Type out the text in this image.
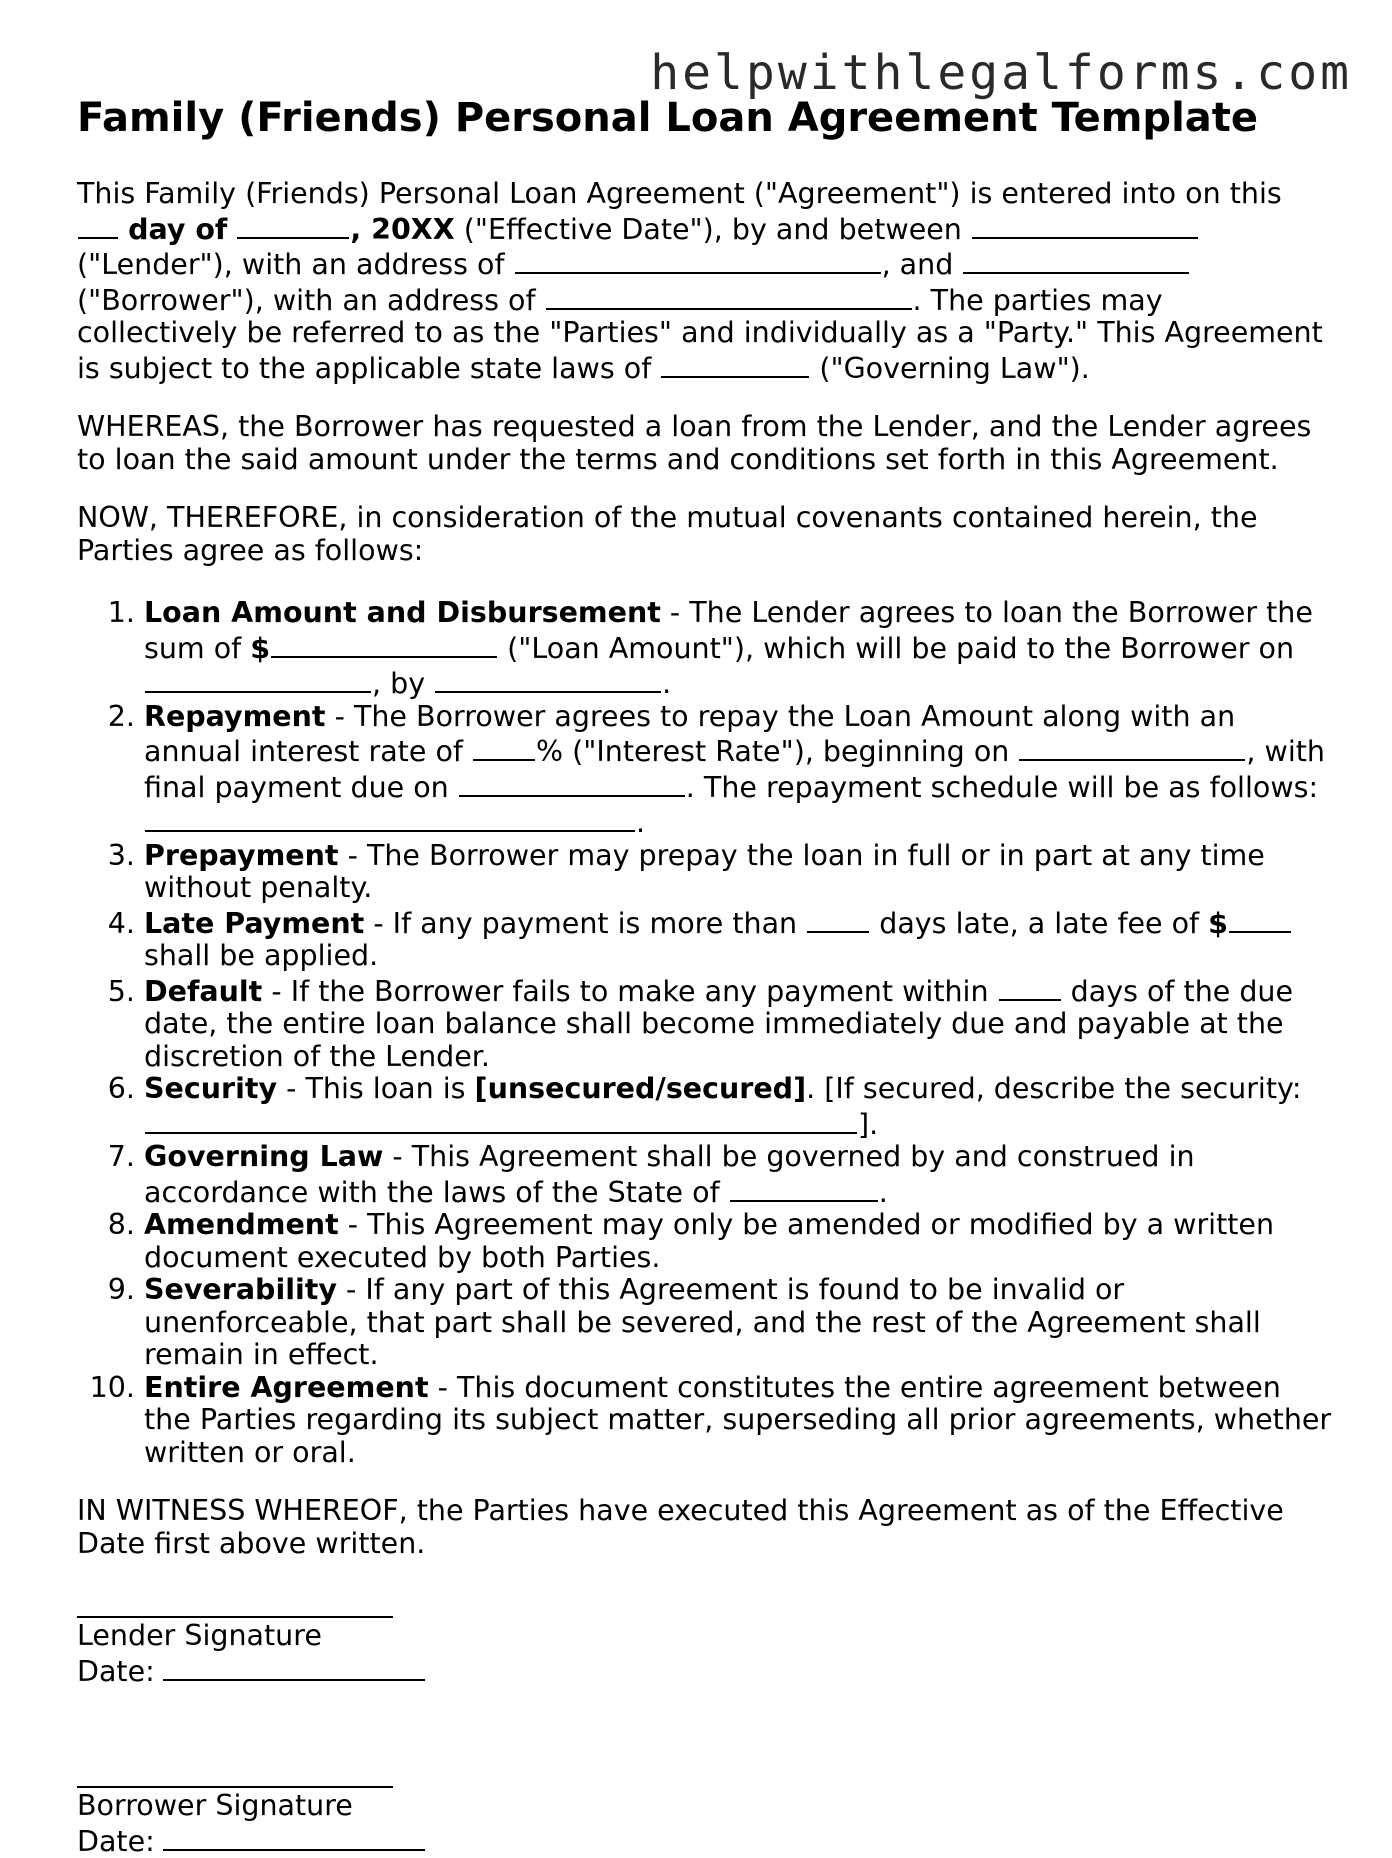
helpwithlegalforms.com
Family (Friends) Personal Loan Agreement Template

This Family (Friends) Personal Loan Agreement ("Agreement") is entered into on this  day of	, 20XX ("Effective Date"), by and between  ("Lender"), with an address of	, and  ("Borrower"), with an address of	. The parties may collectively be referred to as the "Parties" and individually as a "Party." This Agreement is subject to the applicable state laws of	("Governing Law").

WHEREAS, the Borrower has requested a loan from the Lender, and the Lender agrees to loan the said amount under the terms and conditions set forth in this Agreement.

NOW, THEREFORE, in consideration of the mutual covenants contained herein, the Parties agree as follows:

1. Loan Amount and Disbursement - The Lender agrees to loan the Borrower the sum of $	("Loan Amount"), which will be paid to the Borrower on , by	.
2. Repayment - The Borrower agrees to repay the Loan Amount along with an annual interest rate of % ("Interest Rate"), beginning on	, with final payment due on	. The repayment schedule will be as follows: .
3. Prepayment - The Borrower may prepay the loan in full or in part at any time without penalty.
4. Late Payment - If any payment is more than	days late, a late fee of $ shall be applied.
5. Default - If the Borrower fails to make any payment within	days of the due date, the entire loan balance shall become immediately due and payable at the discretion of the Lender.
6. Security - This loan is [unsecured/secured]. [If secured, describe the security: ].
7. Governing Law - This Agreement shall be governed by and construed in accordance with the laws of the State of	.
8. Amendment - This Agreement may only be amended or modified by a written document executed by both Parties.
9. Severability - If any part of this Agreement is found to be invalid or unenforceable, that part shall be severed, and the rest of the Agreement shall remain in effect.
10. Entire Agreement - This document constitutes the entire agreement between the Parties regarding its subject matter, superseding all prior agreements, whether written or oral.

IN WITNESS WHEREOF, the Parties have executed this Agreement as of the Effective Date first above written.

Lender Signature
Date:
Borrower Signature
Date:
